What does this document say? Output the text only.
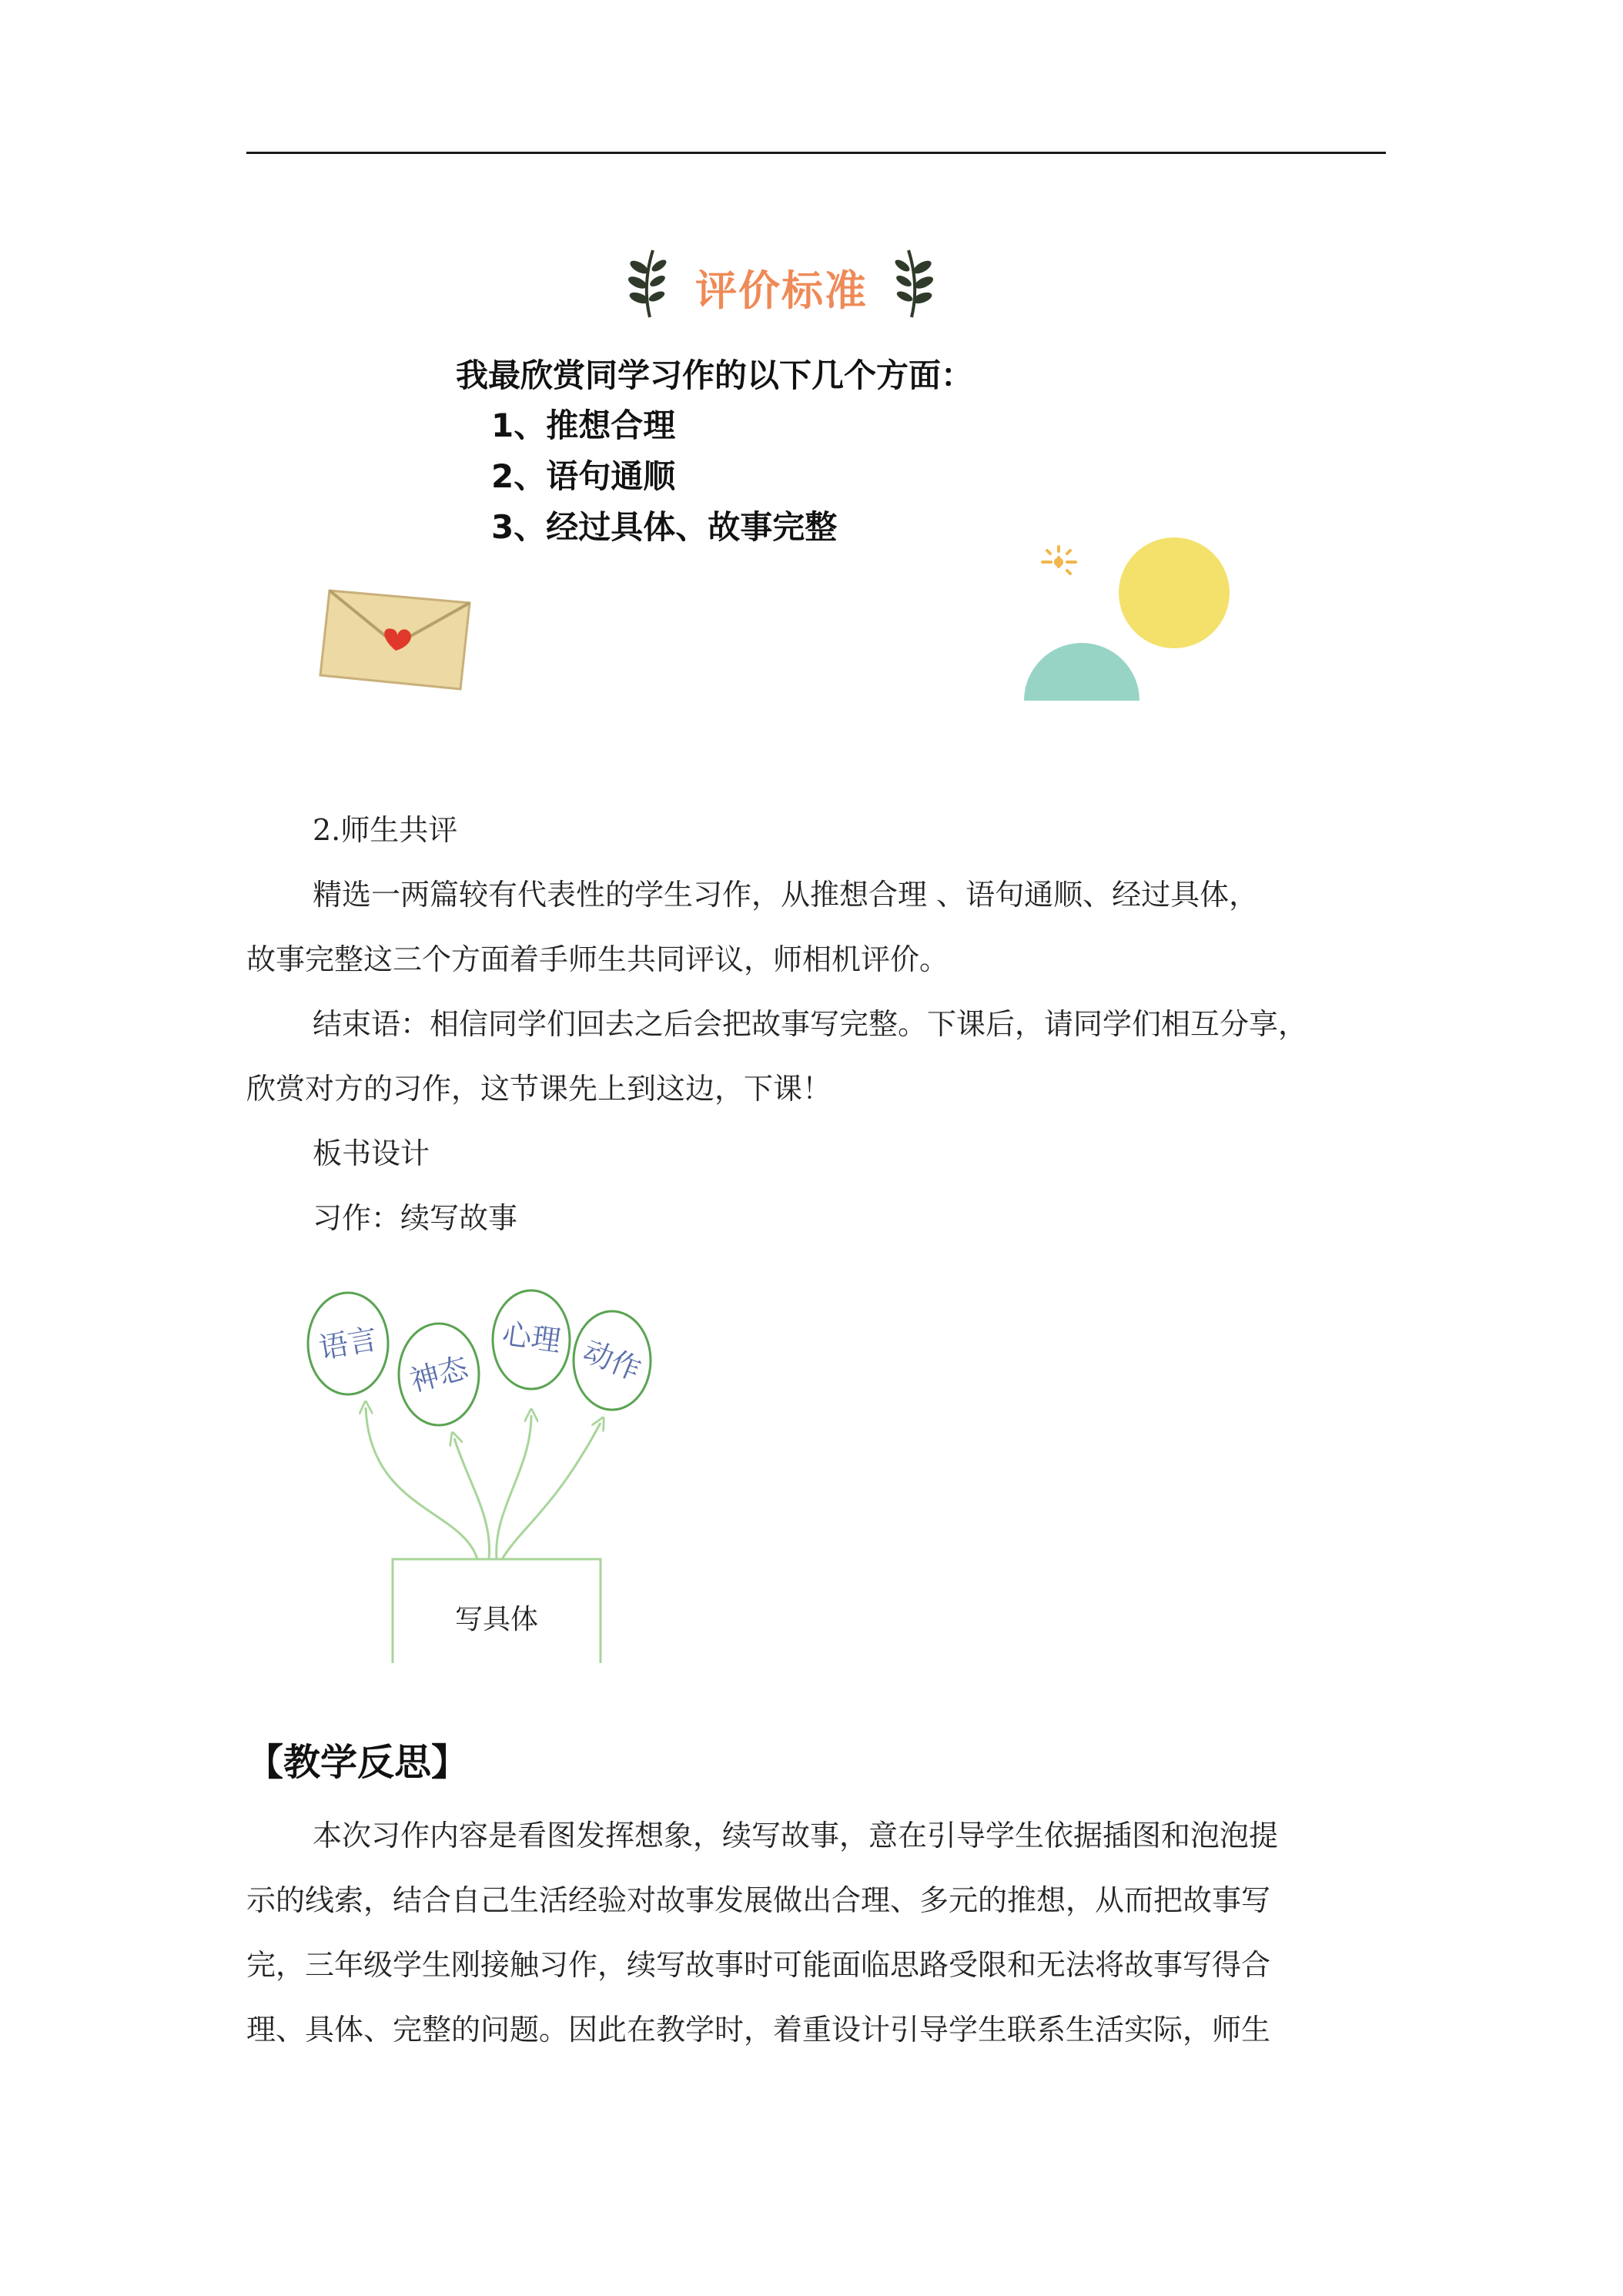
评价标准
我最欣赏同学习作的以下几个方面：
1、推想合理
2、语句通顺
3、经过具体、故事完整

2.师生共评

精选一两篇较有代表性的学生习作，从推想合理 、语句通顺、经过具体，
故事完整这三个方面着手师生共同评议，师相机评价。

结束语：相信同学们回去之后会把故事写完整。下课后，请同学们相互分享，
欣赏对方的习作，这节课先上到这边，下课！

板书设计

习作：续写故事

语言
神态
心理 动作
写具体
【教学反思】

本次习作内容是看图发挥想象，续写故事，意在引导学生依据插图和泡泡提
示的线索，结合自己生活经验对故事发展做出合理、多元的推想，从而把故事写
完，三年级学生刚接触习作，续写故事时可能面临思路受限和无法将故事写得合
理、具体、完整的问题。因此在教学时，着重设计引导学生联系生活实际，师生
